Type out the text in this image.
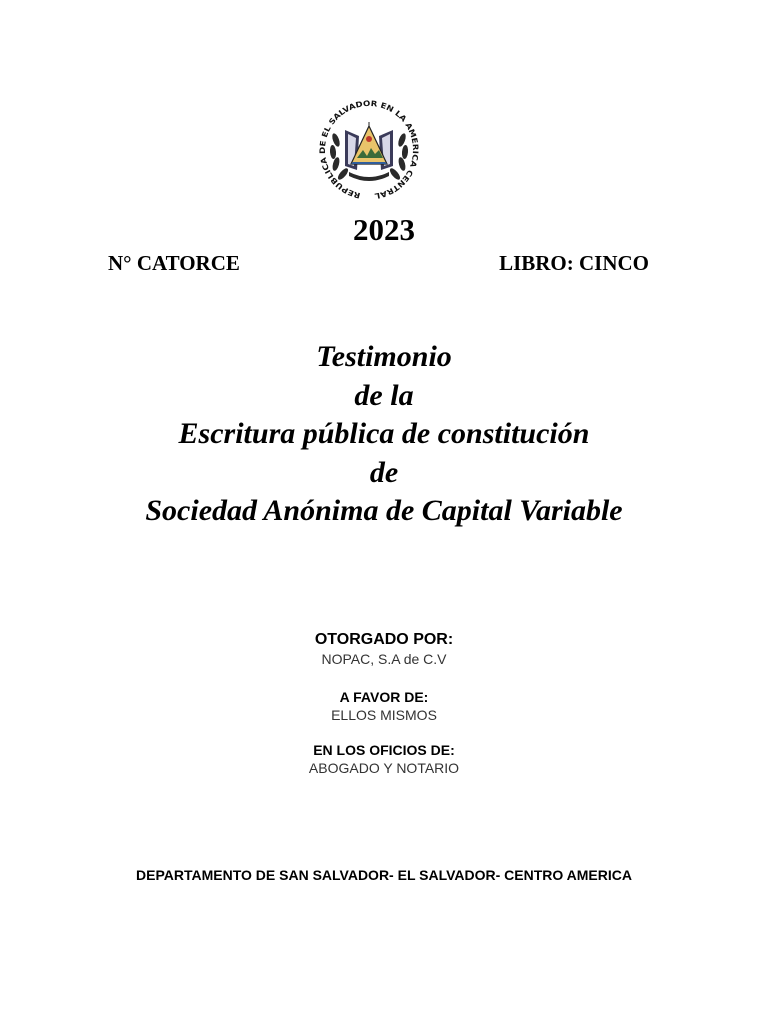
REPUBLICA DE EL SALVADOR EN LA AMERICA CENTRAL
2023
N° CATORCE	LIBRO: CINCO
Testimonio
de la
Escritura pública de constitución
de
Sociedad Anónima de Capital Variable
OTORGADO POR:
NOPAC, S.A de C.V
A FAVOR DE:
ELLOS MISMOS
EN LOS OFICIOS DE:
ABOGADO Y NOTARIO
DEPARTAMENTO DE SAN SALVADOR- EL SALVADOR- CENTRO AMERICA
